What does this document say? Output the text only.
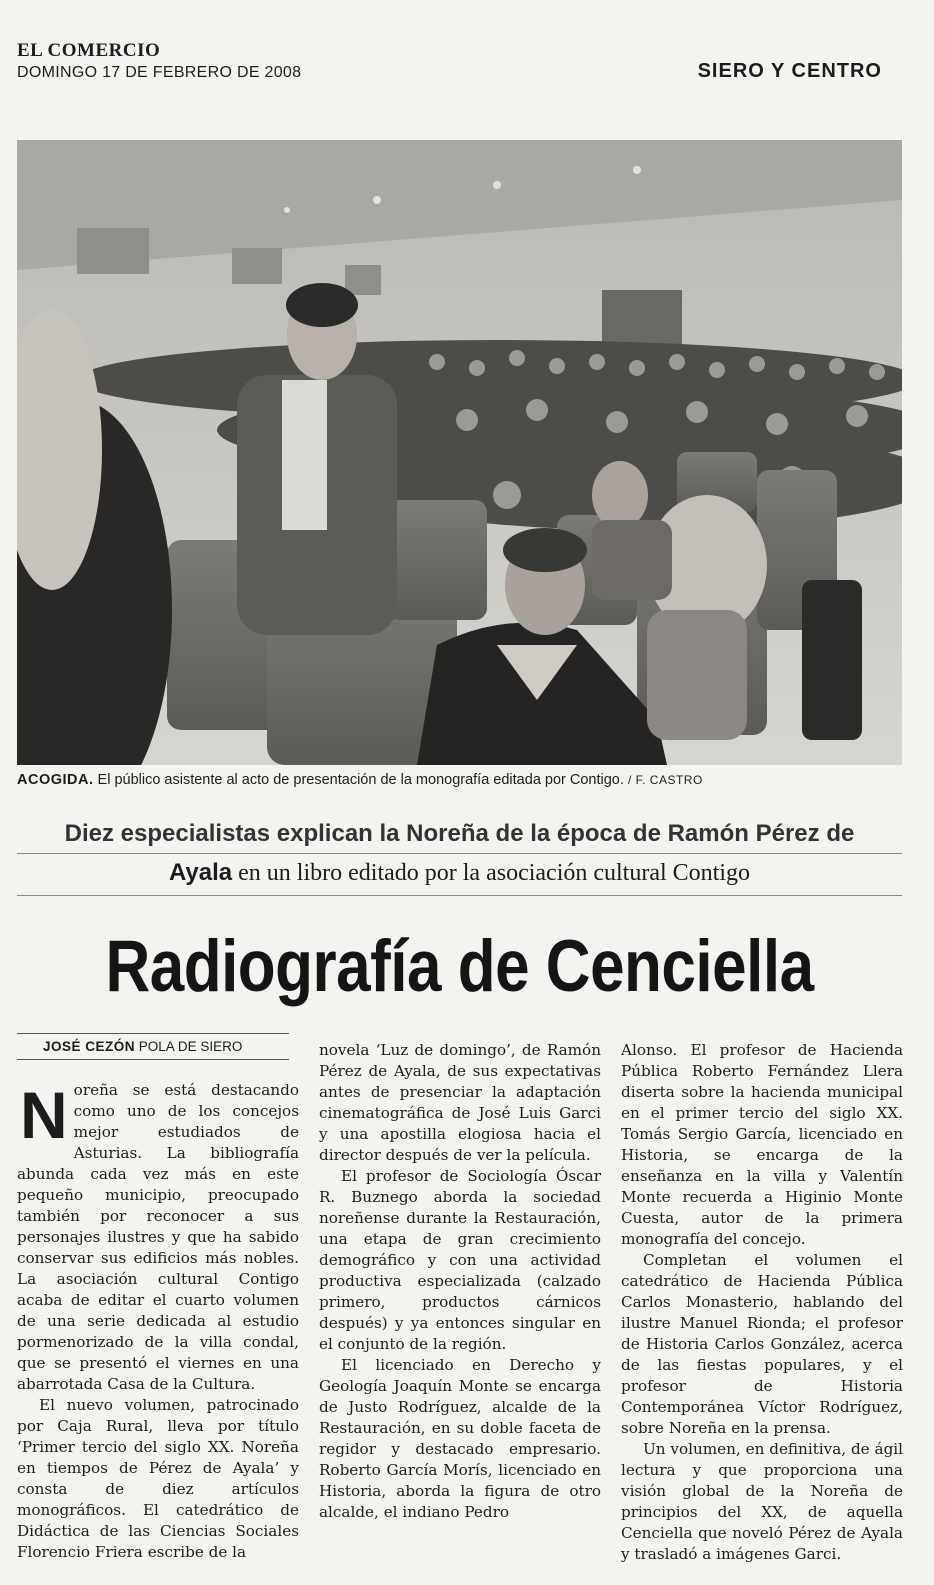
EL COMERCIO
DOMINGO 17 DE FEBRERO DE 2008	SIERO Y CENTRO
ACOGIDA. El público asistente al acto de presentación de la monografía editada por Contigo. / F. CASTRO
Diez especialistas explican la Noreña de la época de Ramón Pérez de
Ayala en un libro editado por la asociación cultural Contigo
Radiografía de Cenciella
JOSÉ CEZÓN POLA DE SIERO

Noreña se está destacando como uno de los concejos mejor estudiados de Asturias. La bibliografía abunda cada vez más en este pequeño municipio, preocupado también por reconocer a sus personajes ilustres y que ha sabido conservar sus edificios más nobles. La asociación cultural Contigo acaba de editar el cuarto volumen de una serie dedicada al estudio pormenorizado de la villa condal, que se presentó el viernes en una abarrotada Casa de la Cultura.

El nuevo volumen, patrocinado por Caja Rural, lleva por título ‘Primer tercio del siglo XX. Noreña en tiempos de Pérez de Ayala’ y consta de diez artículos monográficos. El catedrático de Didáctica de las Ciencias Sociales Florencio Friera escribe de la

novela ‘Luz de domingo’, de Ramón Pérez de Ayala, de sus expectativas antes de presenciar la adaptación cinematográfica de José Luis Garci y una apostilla elogiosa hacia el director después de ver la película.

El profesor de Sociología Óscar R. Buznego aborda la sociedad noreñense durante la Restauración, una etapa de gran crecimiento demográfico y con una actividad productiva especializada (calzado primero, productos cárnicos después) y ya entonces singular en el conjunto de la región.

El licenciado en Derecho y Geología Joaquín Monte se encarga de Justo Rodríguez, alcalde de la Restauración, en su doble faceta de regidor y destacado empresario. Roberto García Morís, licenciado en Historia, aborda la figura de otro alcalde, el indiano Pedro

Alonso. El profesor de Hacienda Pública Roberto Fernández Llera diserta sobre la hacienda municipal en el primer tercio del siglo XX. Tomás Sergio García, licenciado en Historia, se encarga de la enseñanza en la villa y Valentín Monte recuerda a Higinio Monte Cuesta, autor de la primera monografía del concejo.

Completan el volumen el catedrático de Hacienda Pública Carlos Monasterio, hablando del ilustre Manuel Rionda; el profesor de Historia Carlos González, acerca de las fiestas populares, y el profesor de Historia Contemporánea Víctor Rodríguez, sobre Noreña en la prensa.

Un volumen, en definitiva, de ágil lectura y que proporciona una visión global de la Noreña de principios del XX, de aquella Cenciella que noveló Pérez de Ayala y trasladó a imágenes Garci.
